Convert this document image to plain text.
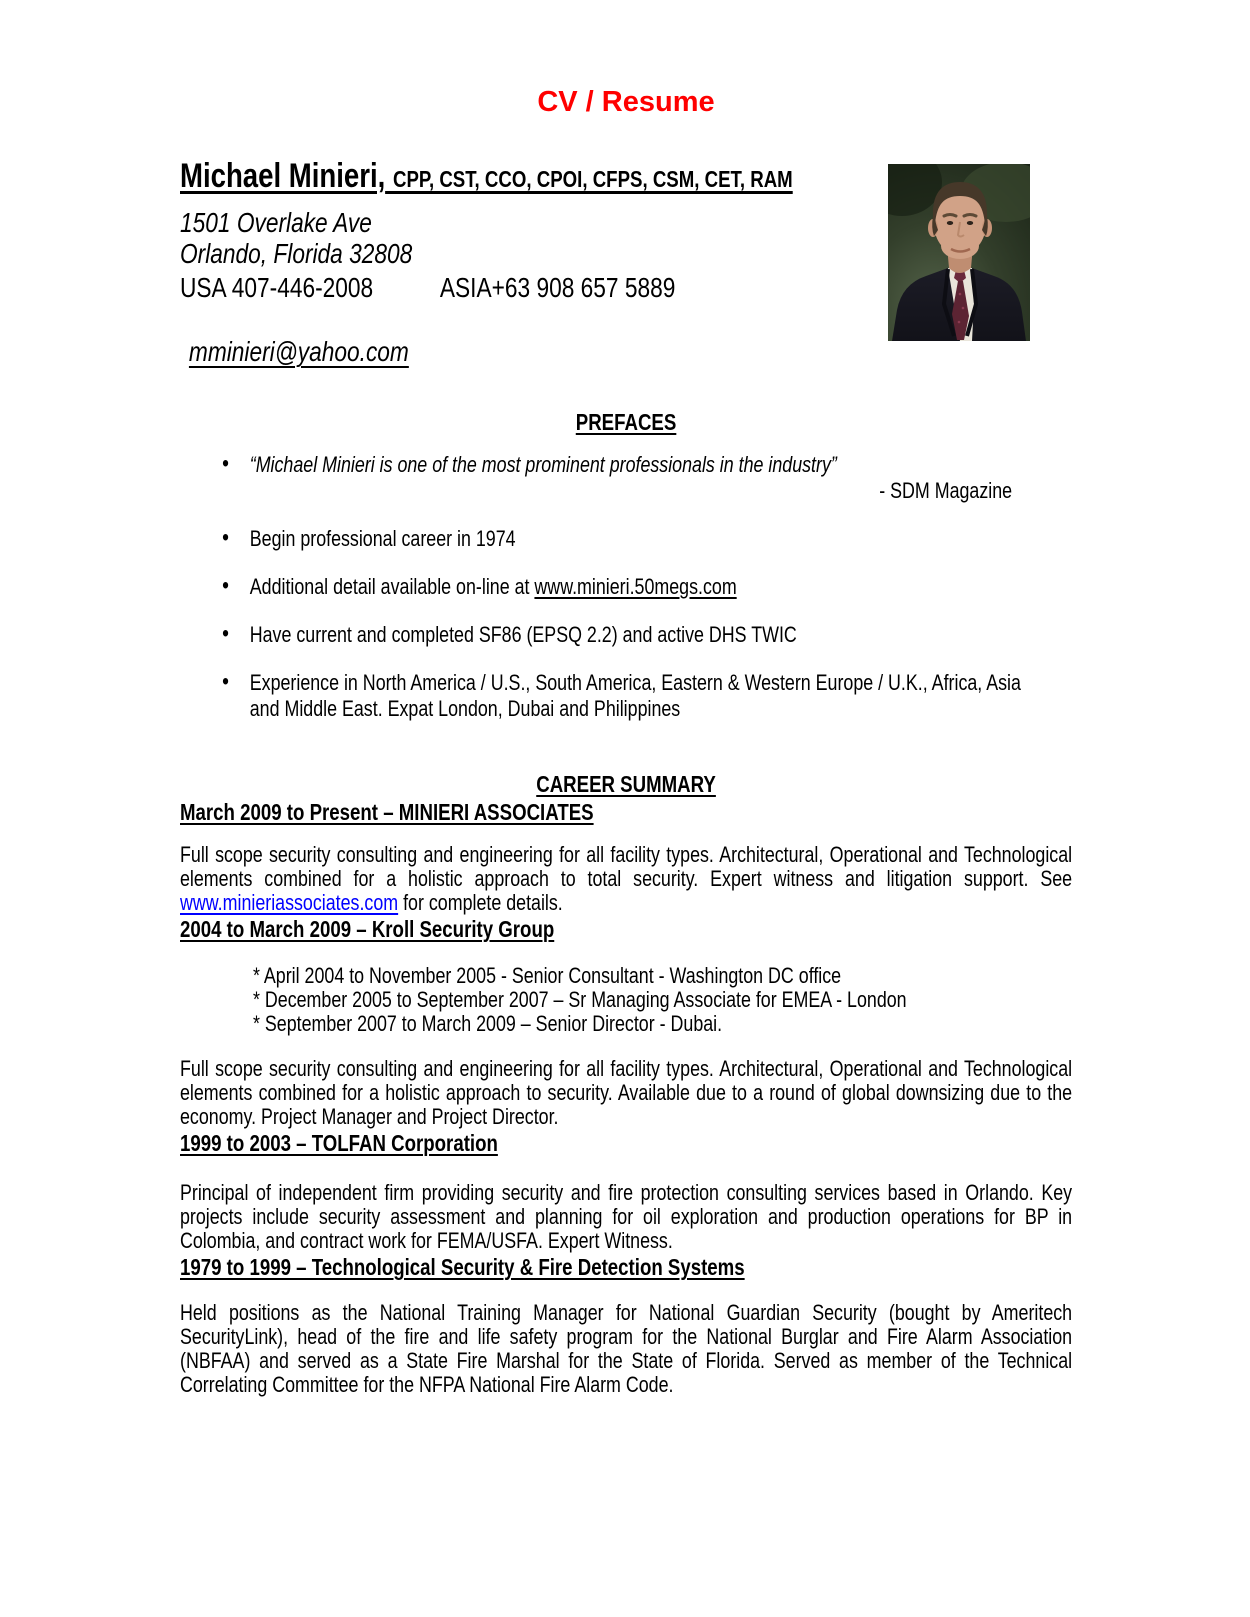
CV / Resume
Michael Minieri, CPP, CST, CCO, CPOI, CFPS, CSM, CET, RAM
1501 Overlake Ave
Orlando, Florida 32808
USA 407-446-2008 ASIA+63 908 657 5889
mminieri@yahoo.com
PREFACES
• “Michael Minieri is one of the most prominent professionals in the industry”
- SDM Magazine
• Begin professional career in 1974
• Additional detail available on-line at www.minieri.50megs.com
• Have current and completed SF86 (EPSQ 2.2) and active DHS TWIC
• Experience in North America / U.S., South America, Eastern & Western Europe / U.K., Africa, Asia and Middle East. Expat London, Dubai and Philippines
CAREER SUMMARY
March 2009 to Present – MINIERI ASSOCIATES

Full scope security consulting and engineering for all facility types. Architectural, Operational and Technological elements combined for a holistic approach to total security. Expert witness and litigation support. See www.minieriassociates.com for complete details.

2004 to March 2009 – Kroll Security Group
* April 2004 to November 2005 - Senior Consultant - Washington DC office
* December 2005 to September 2007 – Sr Managing Associate for EMEA - London
* September 2007 to March 2009 – Senior Director - Dubai.

Full scope security consulting and engineering for all facility types. Architectural, Operational and Technological elements combined for a holistic approach to security. Available due to a round of global downsizing due to the economy. Project Manager and Project Director.

1999 to 2003 – TOLFAN Corporation

Principal of independent firm providing security and fire protection consulting services based in Orlando. Key projects include security assessment and planning for oil exploration and production operations for BP in Colombia, and contract work for FEMA/USFA. Expert Witness.

1979 to 1999 – Technological Security & Fire Detection Systems

Held positions as the National Training Manager for National Guardian Security (bought by Ameritech SecurityLink), head of the fire and life safety program for the National Burglar and Fire Alarm Association (NBFAA) and served as a State Fire Marshal for the State of Florida. Served as member of the Technical Correlating Committee for the NFPA National Fire Alarm Code.
